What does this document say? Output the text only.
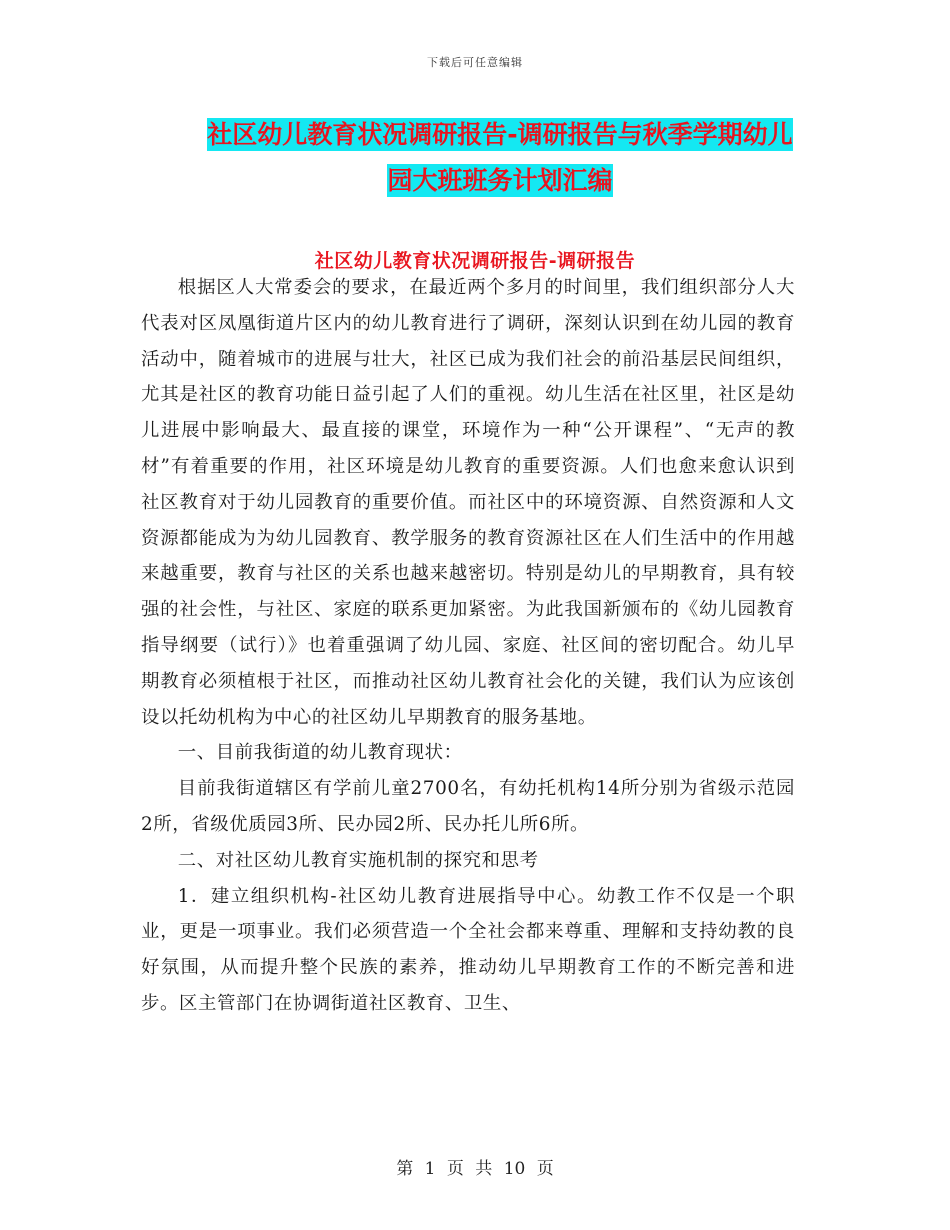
下载后可任意编辑
社区幼儿教育状况调研报告-调研报告与秋季学期幼儿
园大班班务计划汇编
社区幼儿教育状况调研报告-调研报告

根据区人大常委会的要求，在最近两个多月的时间里，我们组织部分人大代表对区凤凰街道片区内的幼儿教育进行了调研，深刻认识到在幼儿园的教育活动中，随着城市的进展与壮大，社区已成为我们社会的前沿基层民间组织，尤其是社区的教育功能日益引起了人们的重视。幼儿生活在社区里，社区是幼儿进展中影响最大、最直接的课堂，环境作为一种“公开课程”、“无声的教材”有着重要的作用，社区环境是幼儿教育的重要资源。人们也愈来愈认识到社区教育对于幼儿园教育的重要价值。而社区中的环境资源、自然资源和人文资源都能成为为幼儿园教育、教学服务的教育资源社区在人们生活中的作用越来越重要，教育与社区的关系也越来越密切。特别是幼儿的早期教育，具有较强的社会性，与社区、家庭的联系更加紧密。为此我国新颁布的《幼儿园教育指导纲要（试行）》也着重强调了幼儿园、家庭、社区间的密切配合。幼儿早期教育必须植根于社区，而推动社区幼儿教育社会化的关键，我们认为应该创设以托幼机构为中心的社区幼儿早期教育的服务基地。

一、目前我街道的幼儿教育现状：

目前我街道辖区有学前儿童2700名，有幼托机构14所分别为省级示范园2所，省级优质园3所、民办园2所、民办托儿所6所。

二、对社区幼儿教育实施机制的探究和思考

1．建立组织机构-社区幼儿教育进展指导中心。幼教工作不仅是一个职业，更是一项事业。我们必须营造一个全社会都来尊重、理解和支持幼教的良好氛围，从而提升整个民族的素养，推动幼儿早期教育工作的不断完善和进步。区主管部门在协调街道社区教育、卫生、

第 1 页 共 10 页
